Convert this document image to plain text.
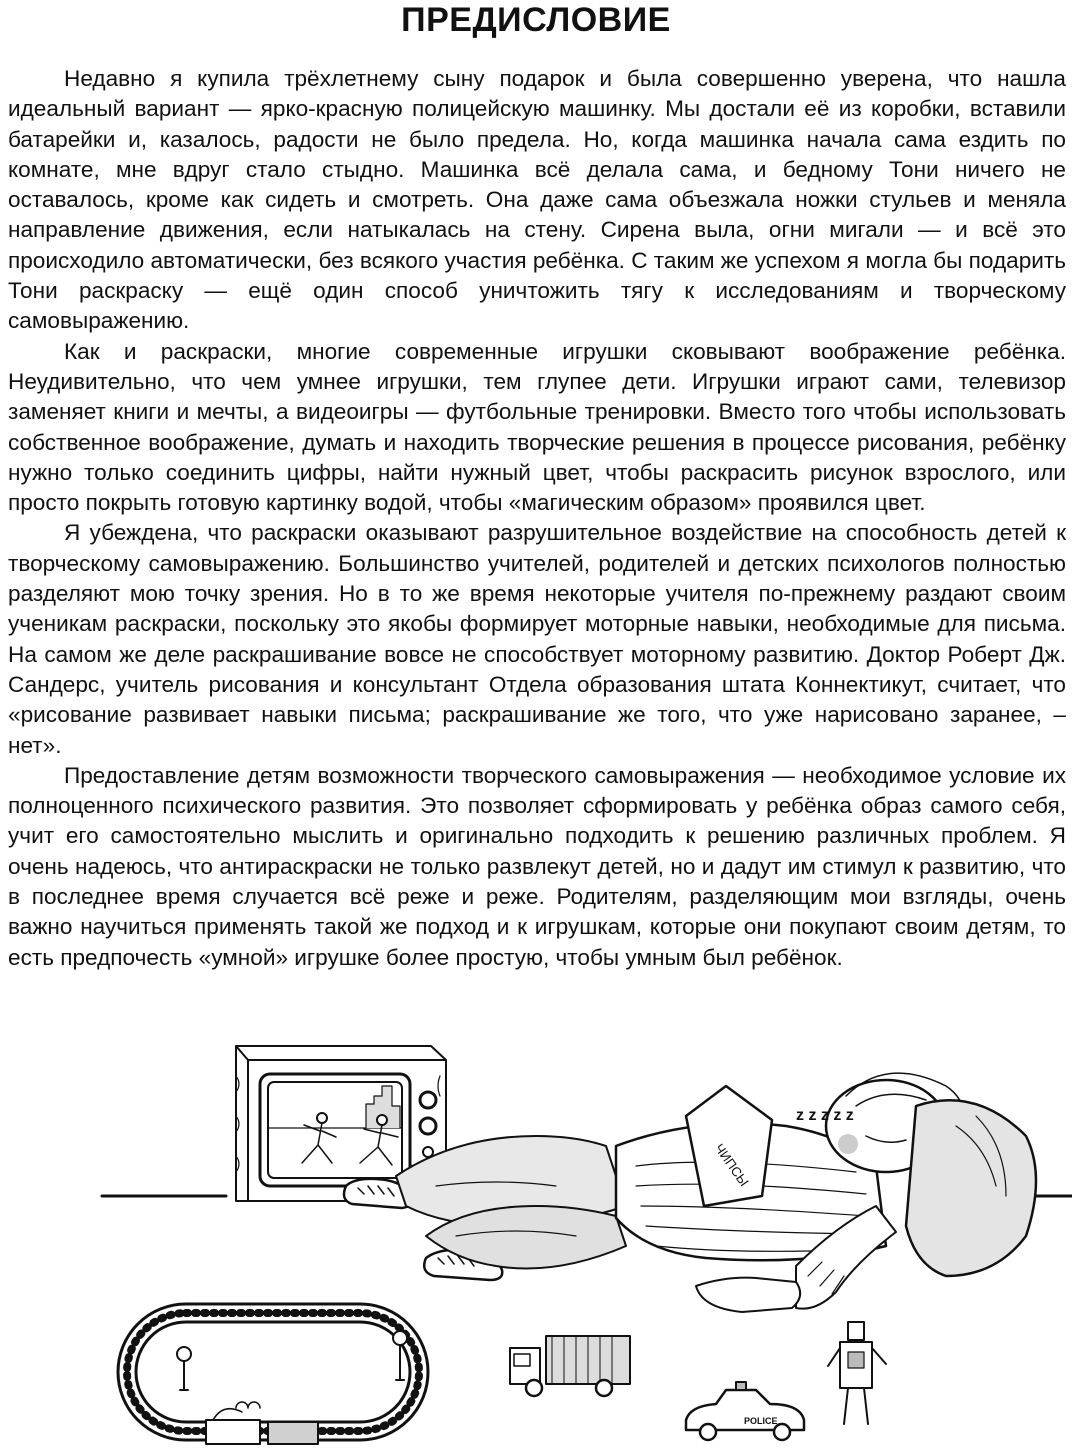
ПРЕДИСЛОВИЕ

Недавно я купила трёхлетнему сыну подарок и была совершенно уверена, что нашла идеальный вариант — ярко-красную полицейскую машинку. Мы достали её из коробки, вставили батарейки и, казалось, радости не было предела. Но, когда машинка начала сама ездить по комнате, мне вдруг стало стыдно. Машинка всё делала сама, и бедному Тони ничего не оставалось, кроме как сидеть и смотреть. Она даже сама объезжала ножки стульев и меняла направление движения, если натыкалась на стену. Сирена выла, огни мигали — и всё это происходило автоматически, без всякого участия ребёнка. С таким же успехом я могла бы подарить Тони раскраску — ещё один способ уничтожить тягу к исследованиям и творческому самовыражению.

Как и раскраски, многие современные игрушки сковывают воображение ребёнка. Неудивительно, что чем умнее игрушки, тем глупее дети. Игрушки играют сами, телевизор заменяет книги и мечты, а видеоигры — футбольные тренировки. Вместо того чтобы использовать собственное воображение, думать и находить творческие решения в процессе рисования, ребёнку нужно только соединить цифры, найти нужный цвет, чтобы раскрасить рисунок взрослого, или просто покрыть готовую картинку водой, чтобы «магическим образом» проявился цвет.

Я убеждена, что раскраски оказывают разрушительное воздействие на способность детей к творческому самовыражению. Большинство учителей, родителей и детских психологов полностью разделяют мою точку зрения. Но в то же время некоторые учителя по-прежнему раздают своим ученикам раскраски, поскольку это якобы формирует моторные навыки, необходимые для письма. На самом же деле раскрашивание вовсе не способствует моторному развитию. Доктор Роберт Дж. Сандерс, учитель рисования и консультант Отдела образования штата Коннектикут, считает, что «рисование развивает навыки письма; раскрашивание же того, что уже нарисовано заранее, – нет».

Предоставление детям возможности творческого самовыражения — необходимое условие их полноценного психического развития. Это позволяет сформировать у ребёнка образ самого себя, учит его самостоятельно мыслить и оригинально подходить к решению различных проблем. Я очень надеюсь, что антираскраски не только развлекут детей, но и дадут им стимул к развитию, что в последнее время случается всё реже и реже. Родителям, разделяющим мои взгляды, очень важно научиться применять такой же подход и к игрушкам, которые они покупают своим детям, то есть предпочесть «умной» игрушке более простую, чтобы умным был ребёнок.

ЧИПСЫ
z z z z z
POLICE
